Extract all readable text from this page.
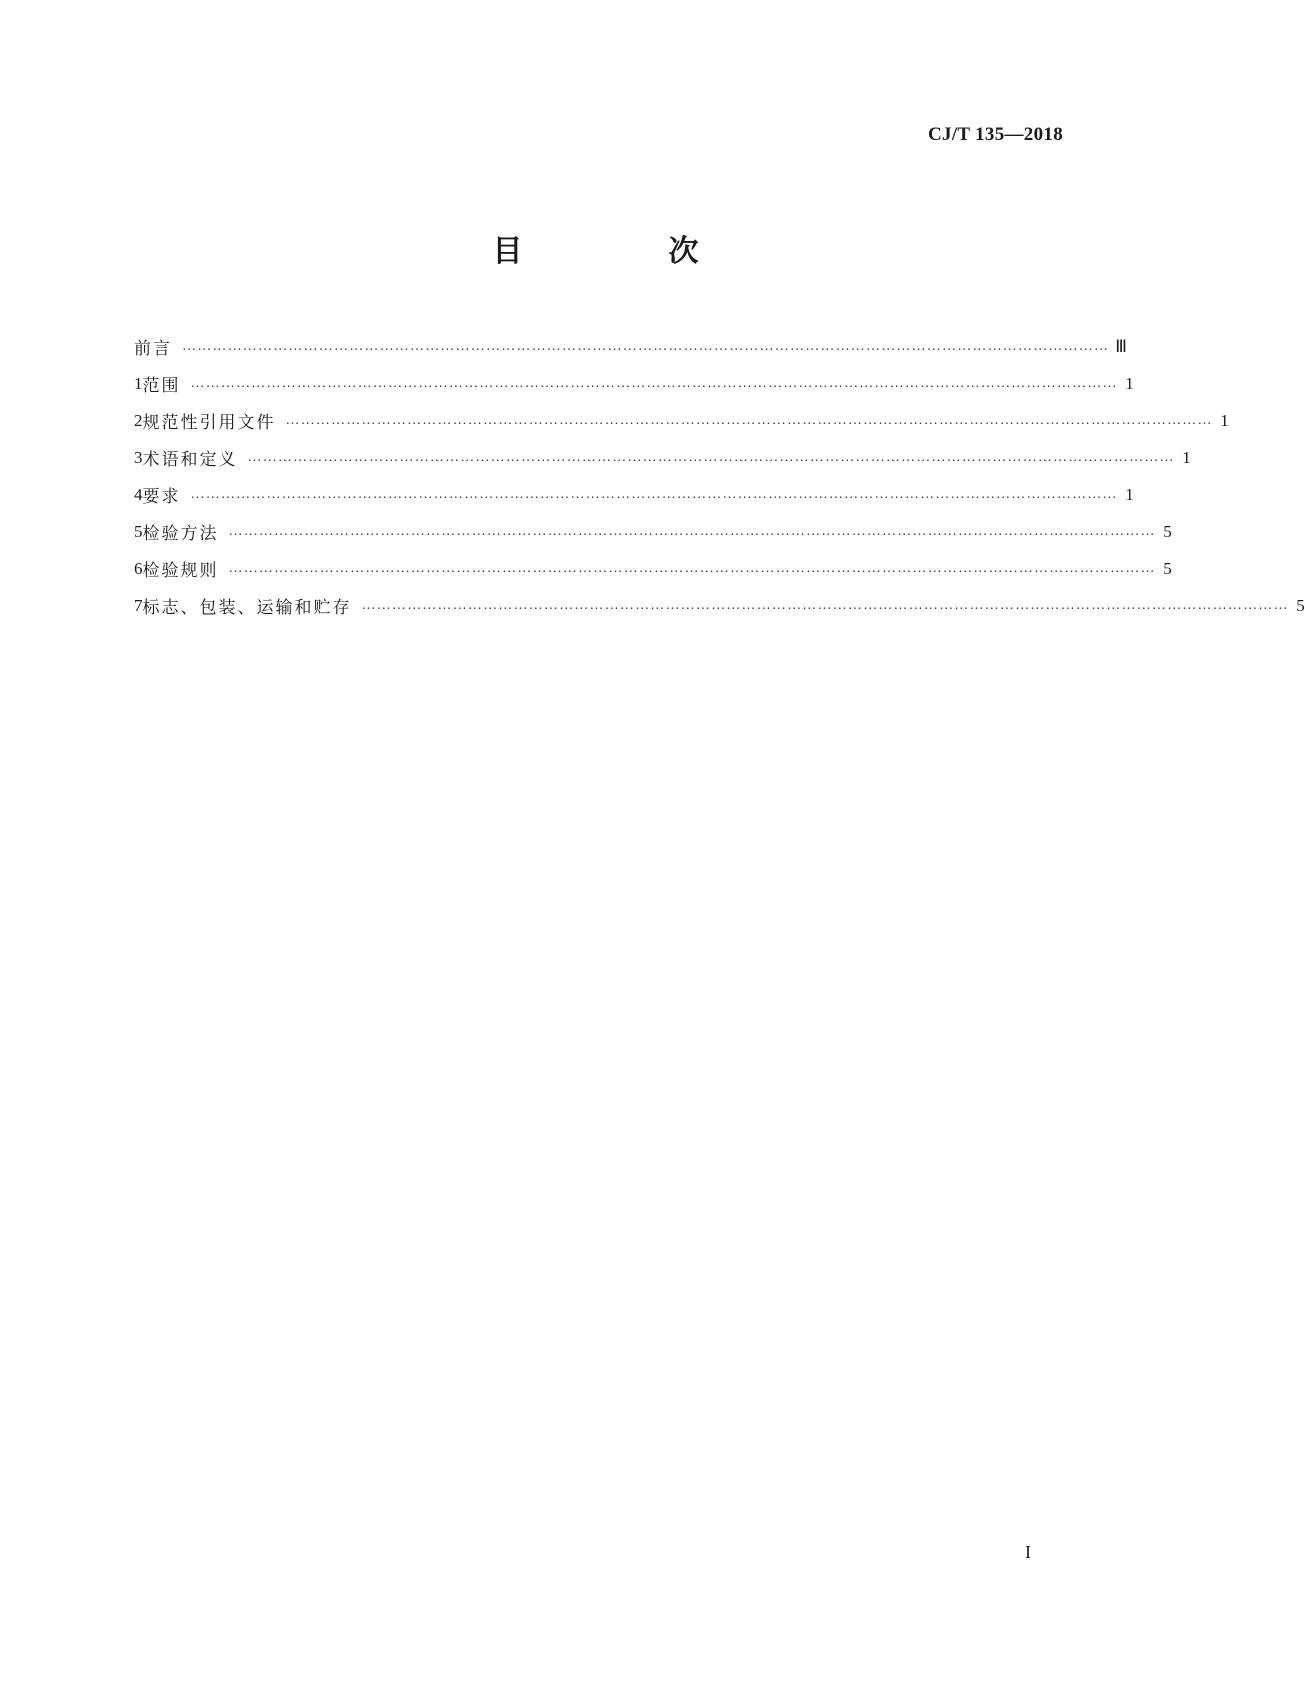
CJ/T 135—2018
目　次
前言 ………………………………………………………………………………………………………………………………………………………………… Ⅲ
1 范围 ………………………………………………………………………………………………………………………………………………………………… 1
2 规范性引用文件 ………………………………………………………………………………………………………………………………………………………………… 1
3 术语和定义 ………………………………………………………………………………………………………………………………………………………………… 1
4 要求 ………………………………………………………………………………………………………………………………………………………………… 1
5 检验方法 ………………………………………………………………………………………………………………………………………………………………… 5
6 检验规则 ………………………………………………………………………………………………………………………………………………………………… 5
7 标志、包装、运输和贮存 ………………………………………………………………………………………………………………………………………………………………… 5
I
